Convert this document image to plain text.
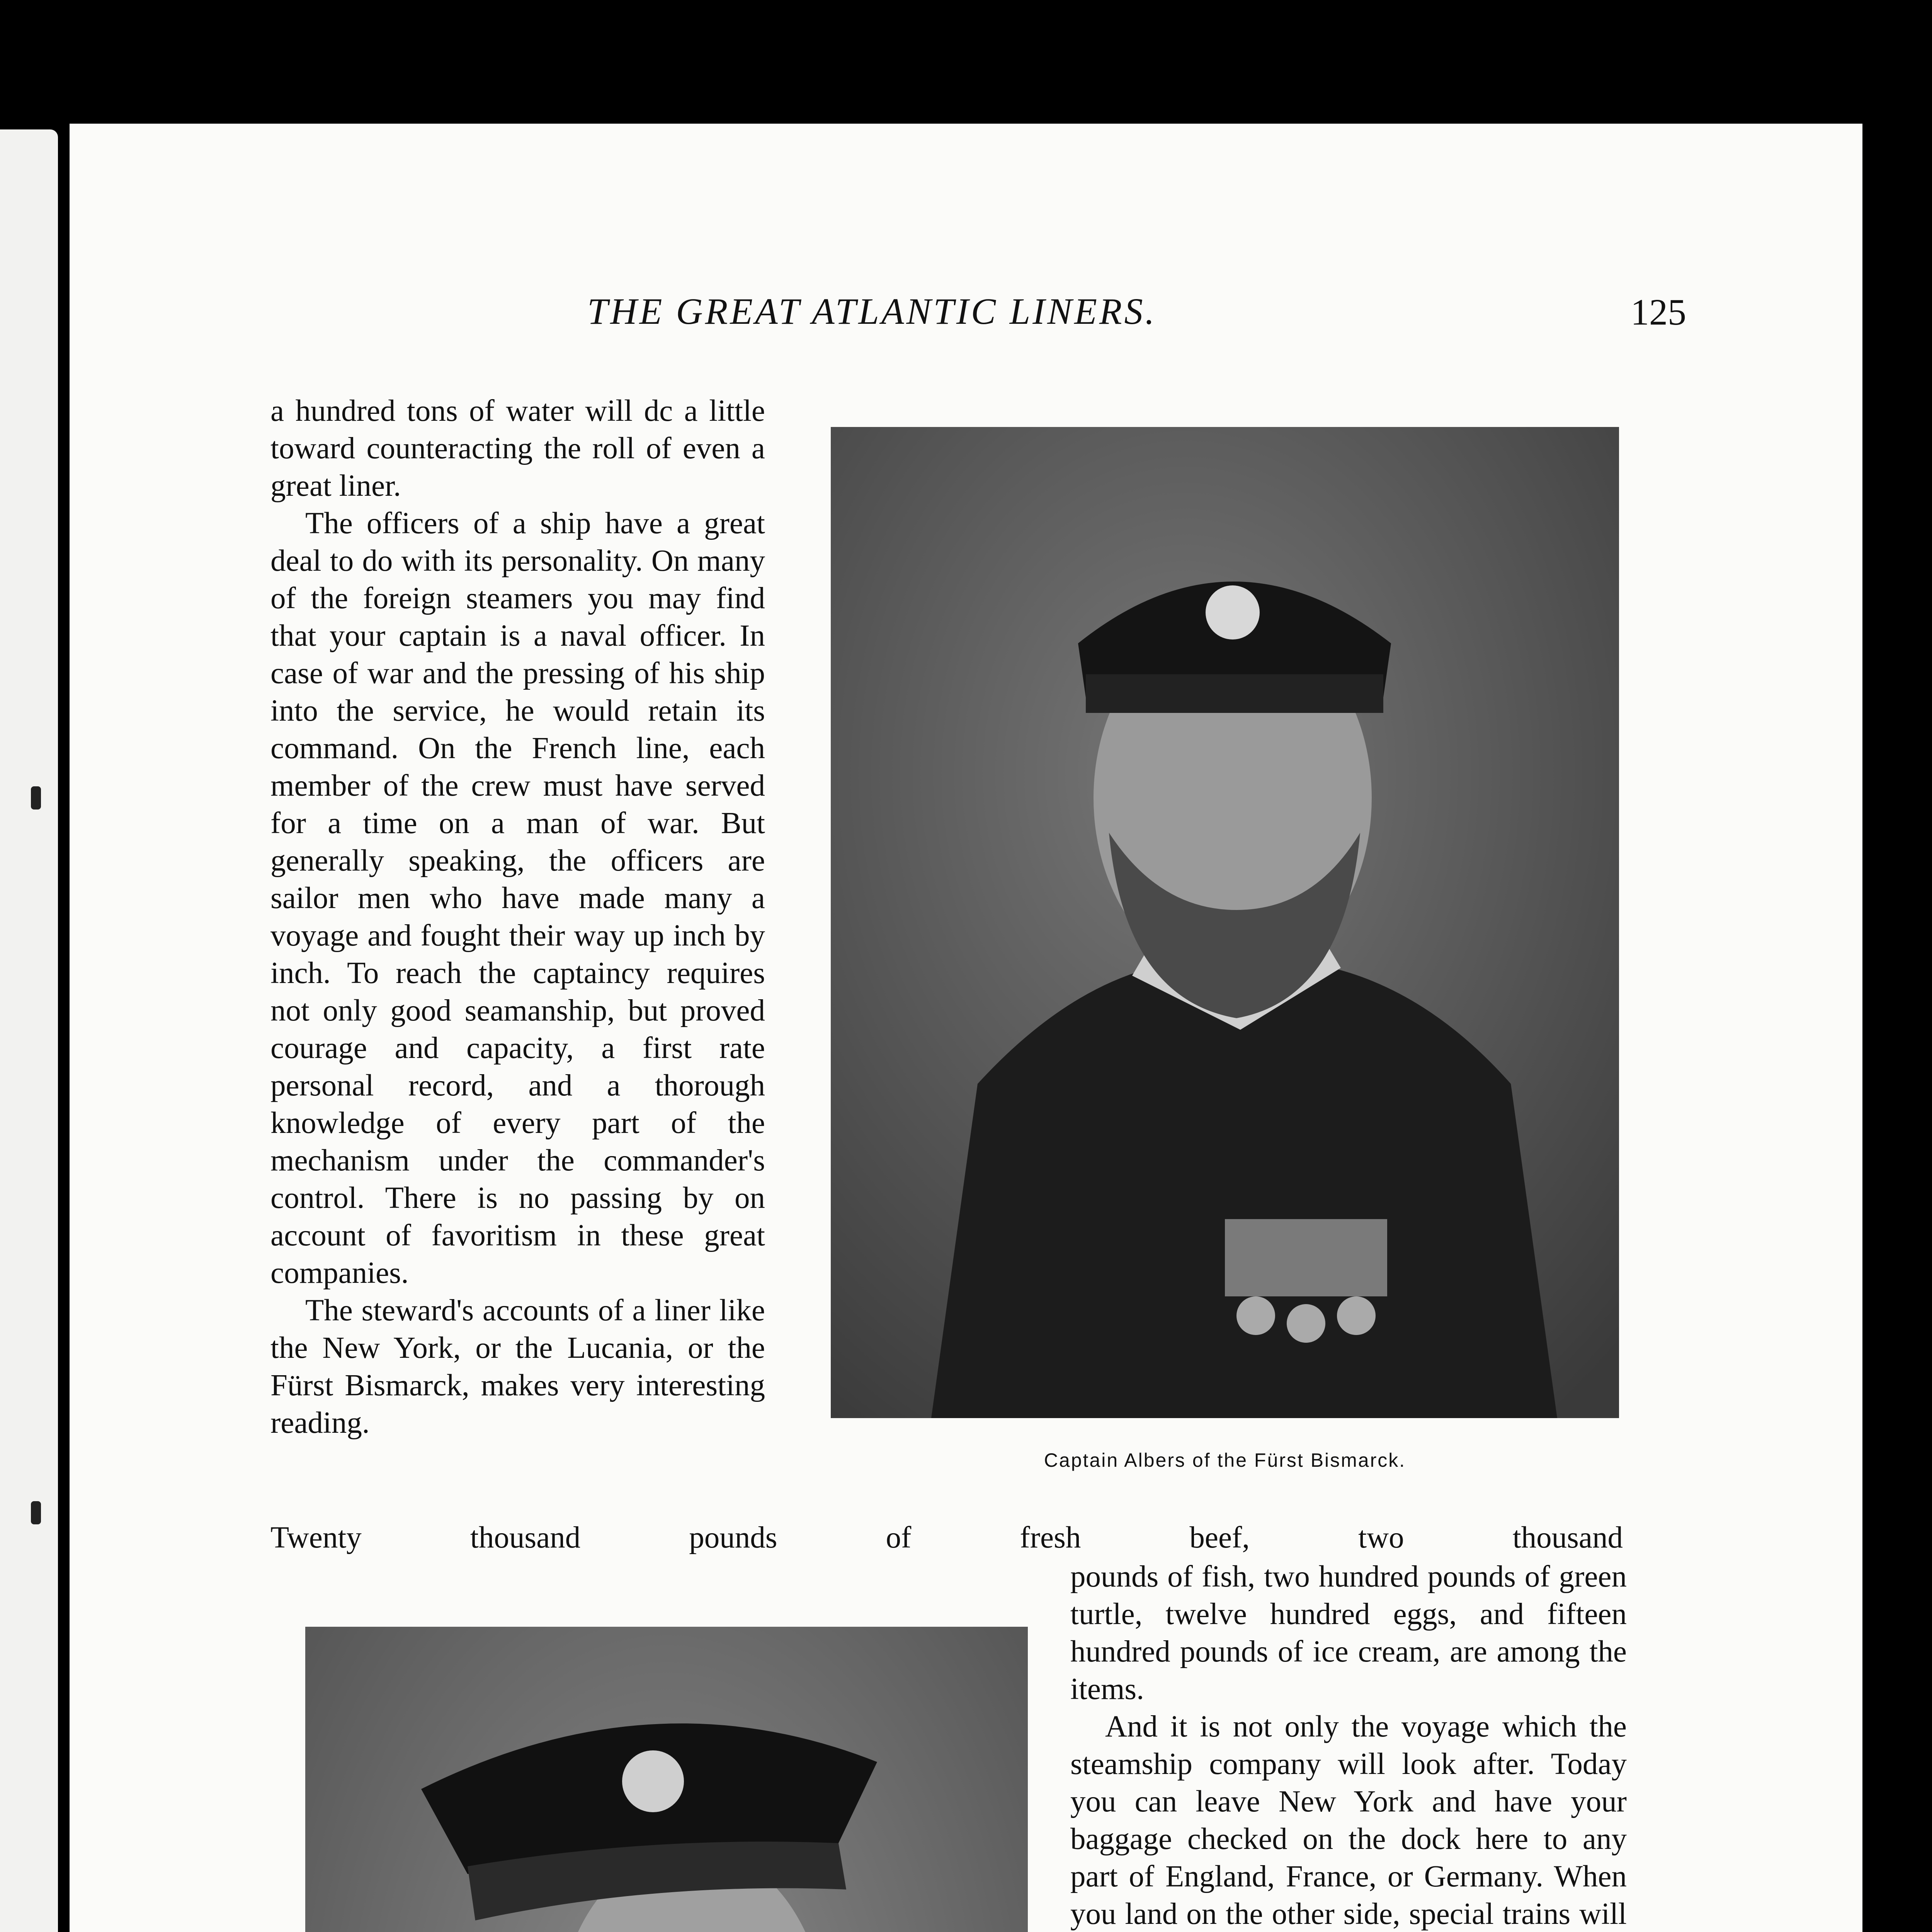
THE GREAT ATLANTIC LINERS.	125

a hundred tons of water will dc a little toward counteracting the roll of even a great liner.

The officers of a ship have a great deal to do with its personality. On many of the foreign steamers you may find that your captain is a naval officer. In case of war and the pressing of his ship into the service, he would retain its command. On the French line, each member of the crew must have served for a time on a man of war. But generally speaking, the officers are sailor men who have made many a voyage and fought their way up inch by inch. To reach the captaincy requires not only good seamanship, but proved courage and capacity, a first rate personal record, and a thorough knowledge of every part of the mechanism under the commander's control. There is no passing by on account of favoritism in these great companies.

The steward's accounts of a liner like the New York, or the Lucania, or the Fürst Bismarck, makes very interesting reading.

Captain Albers of the Fürst Bismarck.
Twenty thousand pounds of fresh beef, two thousand

pounds of fish, two hundred pounds of green turtle, twelve hundred eggs, and fifteen hundred pounds of ice cream, are among the items.

And it is not only the voyage which the steamship company will look after. Today you can leave New York and have your baggage checked on the dock here to any part of England, France, or Germany. When you land on the other side, special trains will
